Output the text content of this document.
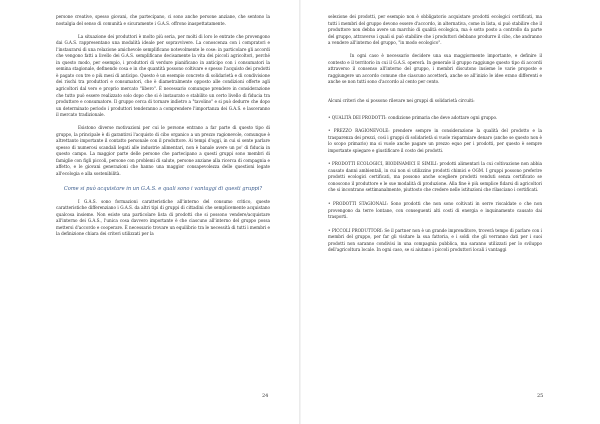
persone creative, spesso giovani, che partecipano, ci sono anche persone anziane, che sentono la nostalgia del senso di comunità e sicuramente i G.A.S. offrono inaspettatamente.

La situazione dei produttori è molto più seria, per molti di loro le entrate che provengono dai G.A.S. rappresentano una modalità ideale per sopravvivere. La conoscenza con i compratori e l'instaurarsi di una relazione amichevole semplificano notevolmente le cose: in particolare gli accordi che vengono fatti a livello dei G.A.S. semplificano decisamente la vita dei piccoli agricoltori, perché in questo modo, per esempio, i produttori di verdure pianificano in anticipo con i consumatori la semina stagionale, definendo cosa e in che quantità possono coltivare e spesso l'acquisto dei prodotti è pagato con tre o più mesi di anticipo. Questo è un esempio concreto di solidarietà e di condivisione dei rischi tra produttori e consumatori, che è diametralmente opposto alle condizioni offerte agli agricoltori dal vero e proprio mercato "libero". È necessario comunque prendere in considerazione che tutto può essere realizzato solo dopo che si è instaurato e stabilito un certo livello di fiducia tra produttore e consumatore. Il gruppo cerca di tornare indietro a "tavolino" e si può dedurre che dopo un determinato periodo i produttori tenderanno a comprendere l'importanza dei G.A.S. e lasceranno il mercato tradizionale.

Esistono diverse motivazioni per cui le persone entrano a far parte di questo tipo di gruppo, la principale è di garantirsi l'acquisto di cibo organico a un prezzo ragionevole, comunque è altrettanto importante il contatto personale con il produttore. Ai tempi d'oggi, in cui si sente parlare spesso di numerosi scandali legati alle industrie alimentari, non è banale avere un po' di fiducia in questo campo. La maggior parte delle persone che partecipano a questi gruppi sono membri di famiglie con figli piccoli, persone con problemi di salute, persone anziane alla ricerca di compagnia e affetto, e le giovani generazioni che hanno una maggior consapevolezza delle questioni legate all'ecologia e alla sostenibilità.

Come si può acquistare in un G.A.S. e quali sono i vantaggi di questi gruppi?

I G.A.S. sono formazioni caratteristiche all'interno del consumo critico, queste caratteristiche differenziano i G.A.S. da altri tipi di gruppi di cittadini che semplicemente acquistano qualcosa insieme. Non esiste una particolare lista di prodotti che si possono vendere/acquistare all'interno dei G.A.S., l'unica cosa davvero importante è che ciascuno all'interno del gruppo possa mettersi d'accordo e cooperare. È necessario trovare un equilibrio tra le necessità di tutti i membri e la definizione chiara dei criteri utilizzati per la

24

selezione dei prodotti, per esempio non è obbligatorio acquistare prodotti ecologici certificati, ma tutti i membri del gruppo devono essere d'accordo, in alternativa, come in lista, si può stabilire che il produttore non debba avere un marchio di qualità ecologica, ma è sotto posto a controllo da parte del gruppo, attraverso i quali si può stabilire che i produttori debbano produrre il cibo, che andranno a vendere all'interno del gruppo, "in modo ecologico".

In ogni caso è necessario decidere una sua maggiormente importante, e definire il contesto e il territorio in cui il G.A.S. opererà. In generale il gruppo raggiunge questo tipo di accordi attraverso il consenso all'interno del gruppo, i membri discutono insieme le varie proposte e raggiungere un accordo comune che ciascuno accetterà, anche se all'inizio le idee erano differenti e anche se non tutti sono d'accordo al cento per cento.

Alcuni criteri che si possono rilevare nei gruppi di solidarietà circuiti:

• QUALITÀ DEI PRODOTTI: condizione primaria che deve adottare ogni gruppo.

• PREZZO RAGIONEVOLE: prendere sempre in considerazione la qualità del prodotto e la trasparenza dei prezzi, così i gruppi di solidarietà si vuole risparmiare denaro (anche se questo non è lo scopo primario) ma si vuole anche pagare un prezzo equo per i prodotti, per questo è sempre importante spiegare e giustificare il costo dei prodotti.

• PRODOTTI ECOLOGICI, BIODINAMICI E SIMILI: prodotti alimentari la cui coltivazione non abbia causato danni ambientali, in cui non si utilizzino prodotti chimici e OGM. I gruppi possono preferire prodotti ecologici certificati, ma possono anche scegliere prodotti venduti senza certificato se conoscono il produttore e le sue modalità di produzione. Alla fine è più semplice fidarsi di agricoltori che si incontrano settimanalmente, piuttosto che credere nelle istituzioni che rilasciano i certificati.

• PRODOTTI STAGIONALI: Sono prodotti che non sono coltivati in serre riscaldate o che non provengono da terre lontane, con conseguenti alti costi di energia e inquinamento causato dai trasporti.

• PICCOLI PRODUTTORI: Se il partner non è un grande imprenditore, troverà tempo di parlare con i membri del gruppo, per far gli visitare la sua fattoria, e i soldi che gli verranno dati per i suoi prodotti non saranno condivisi in una compagnia pubblica, ma saranno utilizzati per lo sviluppo dell'agricoltura locale. In ogni caso, se si aiutano i piccoli produttori locali i vantaggi

25
